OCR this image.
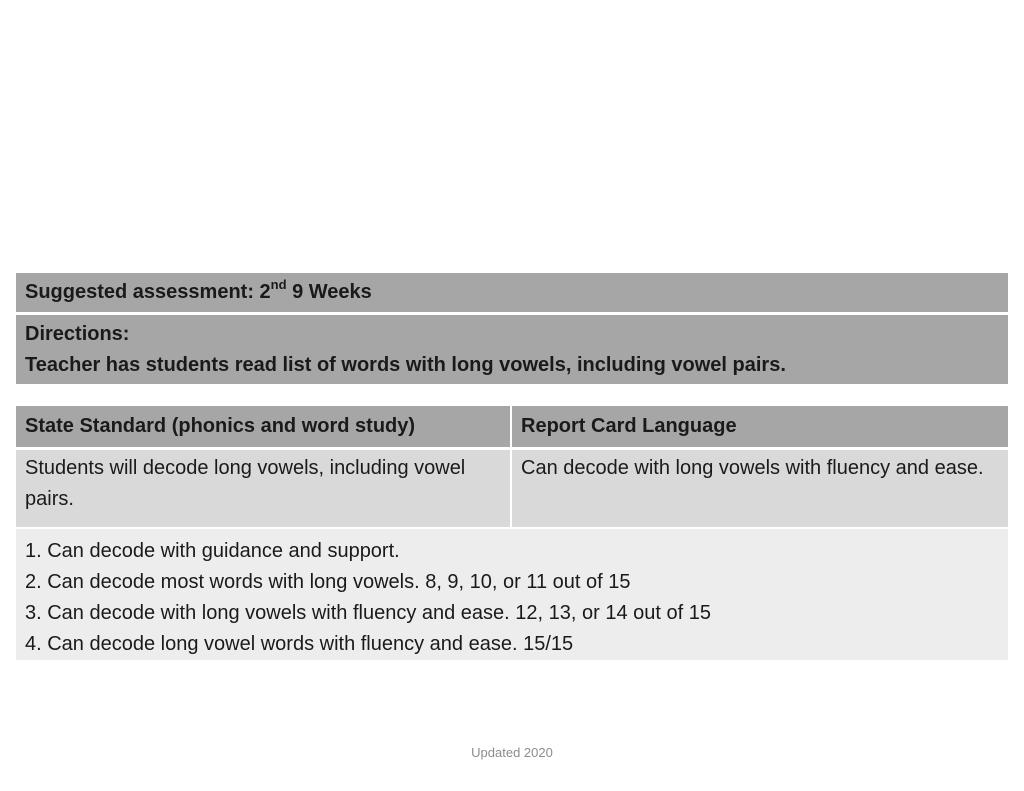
Suggested assessment: 2nd 9 Weeks
Directions:
Teacher has students read list of words with long vowels, including vowel pairs.
State Standard (phonics and word study)	Report Card Language
Students will decode long vowels, including vowel pairs.
Can decode with long vowels with fluency and ease.
1. Can decode with guidance and support.
2. Can decode most words with long vowels. 8, 9, 10, or 11 out of 15
3. Can decode with long vowels with fluency and ease. 12, 13, or 14 out of 15
4. Can decode long vowel words with fluency and ease. 15/15
Updated 2020
